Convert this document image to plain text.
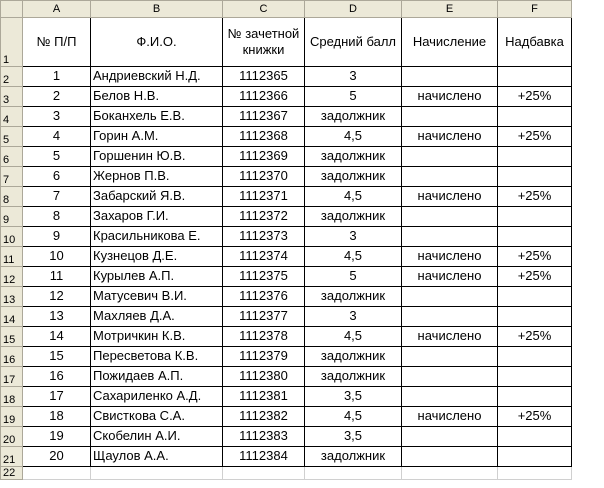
	A	B	C	D	E	F
1	№ П/П	Ф.И.О.	№ зачетной книжки	Средний балл	Начисление	Надбавка

2	1	Андриевский Н.Д.	1112365	3		
3	2	Белов Н.В.	1112366	5	начислено	+25%
4	3	Боканхель Е.В.	1112367	задолжник		
5	4	Горин А.М.	1112368	4,5	начислено	+25%
6	5	Горшенин Ю.В.	1112369	задолжник		
7	6	Жернов П.В.	1112370	задолжник		
8	7	Забарский Я.В.	1112371	4,5	начислено	+25%
9	8	Захаров Г.И.	1112372	задолжник		
10	9	Красильникова Е.	1112373	3		
11	10	Кузнецов Д.Е.	1112374	4,5	начислено	+25%
12	11	Курылев А.П.	1112375	5	начислено	+25%
13	12	Матусевич В.И.	1112376	задолжник		
14	13	Махляев Д.А.	1112377	3		
15	14	Мотричкин К.В.	1112378	4,5	начислено	+25%
16	15	Пересветова К.В.	1112379	задолжник		
17	16	Пожидаев А.П.	1112380	задолжник		
18	17	Сахариленко А.Д.	1112381	3,5		
19	18	Свисткова С.А.	1112382	4,5	начислено	+25%
20	19	Скобелин А.И.	1112383	3,5		
21	20	Щаулов А.А.	1112384	задолжник		
22						
